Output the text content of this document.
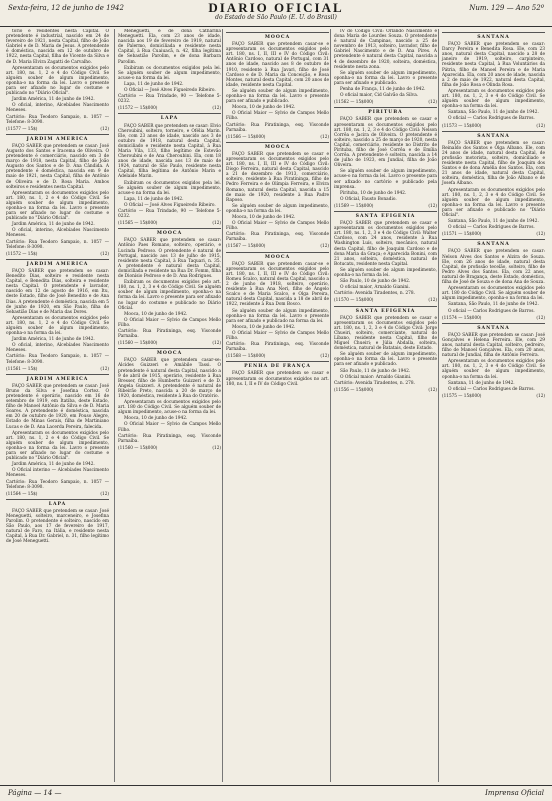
Sexta-feira, 12 de junho de 1942	DIARIO OFICIAL
do Estado de São Paulo (E. U. do Brasil)
Num. 129 — Ano 52º

tório e residentes nesta Capital. O pretendente é industrial, nascido em 24 de fevereiro de 1921, nesta Capital, filho de João Gabriel e de D. Maria de Jesus. A pretendente é doméstica, nascida em 12 de outubro de 1922, nesta Capital, filha de Vicente da Silva e de D. Maria Elvira Zagatti de Carvalho.

Apresentaram os documentos exigidos pelo art. 180, ns. 1, 2 e 4 do Código Civil. Se alguém souber de algum impedimento, oponha-o na forma da lei. Lavro o presente para ser afixado no lugar do costume e publicado no "Diário Oficial".

Jardim América, 11 de junho de 1942.

O oficial, interino, Alcebíades Nascimento Meneses.

Cartório: Rua Teodoro Sampaio, n. 1057 — Telefone: 8-3090.
(11577 — 15$)	(12)
JARDIM AMERICA

FAÇO SABER que pretendem se casar: José Augusto dos Santos e Iracema de Oliveira. O pretendente é comerciário, nascido em 3 de março de 1918, nesta Capital, filho de João Augusto dos Santos e de D. Ana Cândida. A pretendente é doméstica, nascida em 9 de maio de 1921, nesta Capital, filha de Antônio de Oliveira e de D. Rosa Maria. Ambos solteiros e residentes nesta Capital.

Apresentaram os documentos exigidos pelo art. 180, ns. 1, 2 e 4 do Código Civil. Se alguém souber de algum impedimento, oponha-o na forma da lei. Lavro o presente para ser afixado no lugar do costume e publicado no "Diário Oficial".

Jardim América, 11 de junho de 1942.

O oficial, interino, Alcebíades Nascimento Meneses.

Cartório: Rua Teodoro Sampaio, n. 1057 — Telefone: 8-3090.
(11572 — 15$)	(12)
JARDIM AMERICA

FAÇO SABER que pretendem se casar: Benedito Dias, solteiro e residente nesta Capital, e Benedita Dias, solteira e residente nesta Capital. O pretendente é lavrador, nascido em 12 de agosto de 1916, em Itu, deste Estado, filho de José Benedito e de Ana Dias. A pretendente é doméstica, nascida em 5 de junho de 1920, em São Paulo, filha de Sebastião Dias e de Maria das Dores.

Apresentaram os documentos exigidos pelo art. 180, ns. 1, 2 e 4 do Código Civil. Se alguém souber de algum impedimento, oponha-o na forma da lei.

Jardim América, 11 de junho de 1942.

O oficial, interino, Alcebíades Nascimento Meneses.

Cartório: Rua Teodoro Sampaio, n. 1057 — Telefone: 8-3090.
(11561 — 15$)	(12)
JARDIM AMERICA

FAÇO SABER que pretendem se casar: José Bruno da Silva e Josefina Cortez. O pretendente é operário, nascido em 16 de setembro de 1919, em Itatiba, deste Estado, filho de Manoel Antônio da Silva e de D. Maria Soares. A pretendente é doméstica, nascida em 20 de outubro de 1920, em Pouso Alegre, Estado de Minas Gerais, filha de Martiniano Lucas e de D. Ana Lacerda Pereira, falecida.

Apresentaram os documentos exigidos pelo art. 180, ns. 1, 2 e 4 do Código Civil. Se alguém souber de algum impedimento, oponha-o na forma da lei. Lavro o presente para ser afixado no lugar do costume e publicado no "Diário Oficial".

Jardim América, 11 de junho de 1942.

O Oficial interino — Alcebíades Nascimento Meneses.

Cartório: Rua Teodoro Sampaio, n. 1057 — Telefone: 8-3090.
(11564 — 15$)	(12)
LAPA

FAÇO SABER que pretendem se casar: José Meneguetti, solteiro, marceneiro, e Josefina Parolim. O pretendente é solteiro, nascido em São Paulo, aos 17 de fevereiro de 1917, natural de Faro, na Itália, e residente nesta Capital, à Rua Dr. Gabriel, n. 31, filho legítimo de José Meneguetti.

Meneguetti, e de dona Catharina Meneguetti. Ela, com 23 anos de idade, nascida aos 19 de fevereiro de 1919, natural de Palermo, domiciliada e residente nesta Capital, à Rua Cuaiuacã, n. 42, filha legítima de Sebastião Parolim, e de dona Barbara Parolim.

Exibiram os documentos exigidos pela lei. Se alguém souber de algum impedimento, acuse-o na forma da lei.

Lapa, 11 de junho de 1942.

O Oficial — José Alves Figueiredo Ribeiro.

Cartório — Rua Trindade, 90 — Telefone 5-0232.
(11572 — 15$000)	(12)
LAPA

FAÇO SABER que pretendem se casar: Elvio Cheroubini, solteiro, torneiro, e Ofélia Marin. Ele, com 23 anos de idade, nascido aos 3 de outubro de 1918, natural desta Capital, domiciliado e residente nesta Capital, à Rua Maria Vila, 133, filho legítimo de Estevão Cheroubini e de Ana Cheroubini. Ela, com 18 anos de idade, nascida aos 13 de maio de 1924, natural de São Paulo, residente nesta Capital, filha legítima de Antônio Marin e Adelaide Marin.

Exibiram os documentos exigidos pela lei. Se alguém souber de algum impedimento, acuse-o na forma da lei.

Lapa, 11 de junho de 1942.

O Oficial — José Alves Figueiredo Ribeiro.

Cartório — Rua Trindade, 90 — Telefone 5-0232.
(11565 — 15$000)	(12)
MOOCA

FAÇO SABER que pretendem se casar: Antônio Paes Romano, solteiro, operário, e Lucinda Pedroso. O pretendente é natural de Portugal, nascido aos 13 de julho de 1915, residente nesta Capital, à Rua Taquari, n. 35. A pretendente é natural desta Capital, domiciliada e residente na Rua Dr. Fomm, filha de Dionísio Pedroso e de D. Ana Rodrigues.

Exibiram os documentos exigidos pelo art. 180, ns. 1, 2, 3 e 4 do Código Civil. Se alguém souber de algum impedimento, oponha-o na forma da lei. Lavro o presente para ser afixado no lugar do costume e publicado no Diário Oficial.

Mooca, 10 de junho de 1942.

O Oficial Maior — Sylvio de Campos Mello Filho.

Cartório: Rua Piratininga, esq. Visconde Parnaíba.
(11560 — 15$000)	(12)
MOOCA

FAÇO SABER que pretendem casar-se: Alcides Guizzeri e Amábile Tassi. O pretendente é natural desta Capital, nascido a 9 de abril de 1915, operário, residente à Rua Bresser, filho de Humberto Guizzeri e de D. Angela Guizzeri. A pretendente é natural de Ribeirão Preto, nascida a 20 de março de 1920, doméstica, residente à Rua do Oratório.

Apresentaram os documentos exigidos pelo art. 180 do Código Civil. Se alguém souber de algum impedimento, acuse-o na forma da lei.

Mooca, 10 de junho de 1942.

O Oficial Maior — Sylvio de Campos Mello Filho.

Cartório: Rua Piratininga, esq. Visconde Parnaíba.
(11560 — 15$000)	(12)
MOOCA

FAÇO SABER que pretendem casar-se e apresentaram os documentos exigidos pelo art. 180, ns. I, II, III e IV do Código Civil: Antônio Cardoso, natural de Portugal, com 31 anos de idade, nascido aos 8 de outubro de 1910, residente à Rua Javari, filho de José Cardoso e de D. Maria da Conceição, e Rosa Montes, natural desta Capital, com 20 anos de idade, residente nesta Capital.

Se alguém souber de algum impedimento, oponha-o na forma da lei. Lavro o presente para ser afixado e publicado.

Mooca, 10 de junho de 1942.

O Oficial Maior — Sylvio de Campos Mello Filho.

Cartório: Rua Piratininga, esq. Visconde Parnaíba.
(11566 — 15$000)	(12)
MOOCA

FAÇO SABER que pretendem se casar e apresentaram os documentos exigidos pelo art. 180, ns. I, II, III e IV do Código Civil: Diogo Ferreira, natural desta Capital, nascido a 21 de dezembro de 1913, comerciário, solteiro, residente à Rua Piratininga, filho de Pedro Ferreira e de Olímpia Ferreira, e Elvira Romano, natural desta Capital, nascida a 15 de maio de 1920, residente à Rua Padre Raposo.

Se alguém souber de algum impedimento, oponha-o na forma da lei.

Mooca, 10 de junho de 1942.

O Oficial Maior — Sylvio de Campos Mello Filho.

Cartório: Rua Piratininga, esq. Visconde Parnaíba.
(11567 — 15$000)	(12)
MOOCA

FAÇO SABER que pretendem casar-se e apresentaram os documentos exigidos pelo art. 180, ns. I, II, III e IV do Código Civil: Romeu Scalco, natural desta Capital, nascido a 2 de junho de 1918, solteiro, operário, residente à Rua Ana Neri, filho de Ângelo Scalco e de Maria Scalco, e Olga Pereira, natural desta Capital, nascida a 18 de abril de 1922, residente à Rua Dom Bosco.

Se alguém souber de algum impedimento, oponha-o na forma da lei. Lavro o presente para ser afixado e publicado na forma da lei.

Mooca, 10 de junho de 1942.

O Oficial Maior — Sylvio de Campos Mello Filho.

Cartório: Rua Piratininga, esq. Visconde Parnaíba.
(11568 — 15$000)	(12)
PENHA DE FRANÇA

FAÇO SABER que pretendem se casar e apresentaram os documentos exigidos no art. 180, ns. I, II e IV do Código Civil.

IV do Código Civil: Orlando Nascimento e dona Maria de Lourdes Souza. O pretendente é natural de Campinas, nascido a 25 de novembro de 1913, solteiro, lavrador, filho de Gabriel Nascimento e de D. Ana Pires. A pretendente é natural desta Capital, nascida a 4 de dezembro de 1920, solteira, doméstica, residente nesta zona.

Se alguém souber de algum impedimento, oponha-o na forma da lei. Lavro o presente para ser afixado e publicado.

Penha de França, 11 de junho de 1942.

O oficial maior, Cid Galvão da Silva.

(11562 — 15$000)	(12)
PIRITUBA

FAÇO SABER que pretendem se casar e apresentaram os documentos exigidos pelo art. 180, ns. 1, 2, 3 e 4 do Código Civil: Nelson Corrêa e Jacira de Oliveira. O pretendente é solteiro, nascido a 25 de março de 1920, nesta Capital, comerciário, residente no Distrito de Pirituba, filho de José Corrêa e de Emília Corrêa. A pretendente é solteira, nascida a 14 de julho de 1923, em Jundiaí, filha de João Oliveira.

Se alguém souber de algum impedimento, acuse-o na forma da lei. Lavro o presente para ser afixado no cartório e publicado pela imprensa.

Pirituba, 10 de junho de 1942.

O Oficial, Fausto Bonadio.

(11569 — 15$000)	(12)
SANTA EFIGENIA

FAÇO SABER que pretendem se casar e apresentaram os documentos exigidos pelo art. 180, ns. 1, 2, 3 e 4 do Código Civil: Walter Cardoso, com 24 anos, residente à Rua Washington Luís, solteiro, mecânico, natural desta Capital, filho de Joaquim Cardoso e de dona Maria da Graça; e Aparecida Bonini, com 21 anos, solteira, doméstica, natural de Botucatu, residente nesta Capital.

Se alguém souber de algum impedimento, oponha-o na forma da lei.

São Paulo, 10 de junho de 1942.

O oficial maior, Arnaldo Gianini.

Cartório: Avenida Tiradentes, n. 278.
(11570 — 15$000)	(12)
SANTA EFIGENIA

FAÇO SABER que pretendem se casar e apresentaram os documentos exigidos pelo art. 180, ns. 1, 2, 3 e 4 do Código Civil: Jorge Chueiri, solteiro, comerciante, natural do Líbano, residente nesta Capital, filho de Miguel Chueiri; e Júlia Abdalla, solteira, doméstica, natural de Batatais, deste Estado.

Se alguém souber de algum impedimento, oponha-o na forma da lei. Lavro o presente para ser afixado e publicado.

São Paulo, 11 de junho de 1942.

O Oficial maior: Arnaldo Gianini.

Cartório: Avenida Tiradentes, n. 278.
(11556 — 15$000)	(12)
SANTANA

FAÇO SABER que pretendem se casar: Darcy Pereira e Benedita Rosa. Ele, com 23 anos, natural desta Capital, nascido a 28 de janeiro de 1919, solteiro, carpinteiro, residente nesta Capital, à Rua Voluntários da Pátria, filho de Manoel Pereira e de Maria Aparecida. Ela, com 20 anos de idade, nascida a 2 de maio de 1922, natural desta Capital, filha de João Rosa e Olinda Rosa.

Apresentaram os documentos exigidos pelo art. 180, ns. 1, 2, 3 e 4 do Código Civil. Se alguém souber de algum impedimento, oponha-o na forma da lei.

Santana, São Paulo, 11 de junho de 1942.

O oficial — Carlos Rodrigues de Barros.

(11573 — 15$000)	(12)
SANTANA

FAÇO SABER que pretendem se casar: Reinaldo dos Santos e Olga Albano. Ele, com 24 anos de idade, natural desta Capital, de profissão motorista, solteiro, domiciliado e residente nesta Capital, filho de Joaquim dos Santos e de dona Amélia dos Santos. Ela, com 21 anos de idade, natural desta Capital, solteira, doméstica, filha de João Albano e de Josefa Albano.

Apresentaram os documentos exigidos pelo art. 180, ns. 1, 2, 3 e 4 do Código Civil. Se alguém souber de algum impedimento, oponha-o na forma da lei. Lavro o presente para ser afixado e publicado no "Diário Oficial".

Santana, São Paulo, 11 de junho de 1942.

O oficial — Carlos Rodrigues de Barros.

(11571 — 15$000)	(12)
SANTANA

FAÇO SABER que pretendem se casar: Nelson Alves dos Santos e Alzira de Souza. Ele, com 26 anos de idade, natural desta Capital, de profissão tecelão, solteiro, filho de Pedro Alves dos Santos. Ela, com 22 anos, natural de Bragança, deste Estado, doméstica, filha de José de Souza e de dona Ana de Souza.

Apresentaram os documentos exigidos pelo art. 180 do Código Civil. Se alguém souber de algum impedimento, oponha-o na forma da lei.

Santana, São Paulo, 11 de junho de 1942.

O oficial — Carlos Rodrigues de Barros.

(11574 — 15$000)	(12)
SANTANA

FAÇO SABER que pretendem se casar: José Gonçalves e Helena Ferreira. Ele, com 29 anos, natural desta Capital, solteiro, pedreiro, filho de Manoel Gonçalves. Ela, com 20 anos, natural de Jundiaí, filha de Antônio Ferreira.

Apresentaram os documentos exigidos pelo art. 180, ns. 1, 2, 3 e 4 do Código Civil. Se alguém souber de algum impedimento, oponha-o na forma da lei.

Santana, 11 de junho de 1942.

O oficial — Carlos Rodrigues de Barros.

(11575 — 15$000)	(12)
Página — 14 —	Imprensa Oficial
